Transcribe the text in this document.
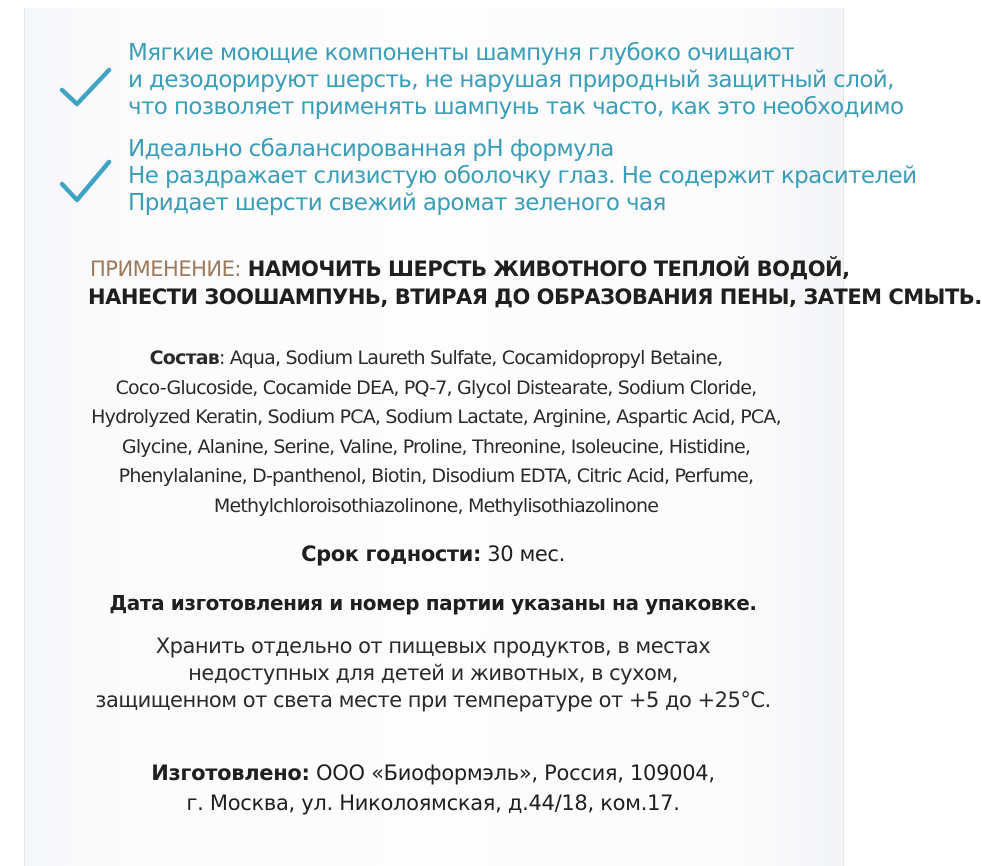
Мягкие моющие компоненты шампуня глубоко очищают
и дезодорируют шерсть, не нарушая природный защитный слой,
что позволяет применять шампунь так часто, как это необходимо
Идеально сбалансированная pH формула
Не раздражает слизистую оболочку глаз. Не содержит красителей
Придает шерсти свежий аромат зеленого чая
ПРИМЕНЕНИЕ: НАМОЧИТЬ ШЕРСТЬ ЖИВОТНОГО ТЕПЛОЙ ВОДОЙ,
НАНЕСТИ ЗООШАМПУНЬ, ВТИРАЯ ДО ОБРАЗОВАНИЯ ПЕНЫ, ЗАТЕМ СМЫТЬ.
Состав: Aqua, Sodium Laureth Sulfate, Cocamidopropyl Betaine,
Coco-Glucoside, Cocamide DEA, PQ-7, Glycol Distearate, Sodium Cloride,
Hydrolyzed Keratin, Sodium PCA, Sodium Lactate, Arginine, Aspartic Acid, PCA,
Glycine, Alanine, Serine, Valine, Proline, Threonine, Isoleucine, Histidine,
Phenylalanine, D-panthenol, Biotin, Disodium EDTA, Citric Acid, Perfume,
Methylchloroisothiazolinone, Methylisothiazolinone
Срок годности: 30 мес.
Дата изготовления и номер партии указаны на упаковке.
Хранить отдельно от пищевых продуктов, в местах
недоступных для детей и животных, в сухом,
защищенном от света месте при температуре от +5 до +25°С.
Изготовлено: ООО «Биоформэль», Россия, 109004,
г. Москва, ул. Николоямская, д.44/18, ком.17.
